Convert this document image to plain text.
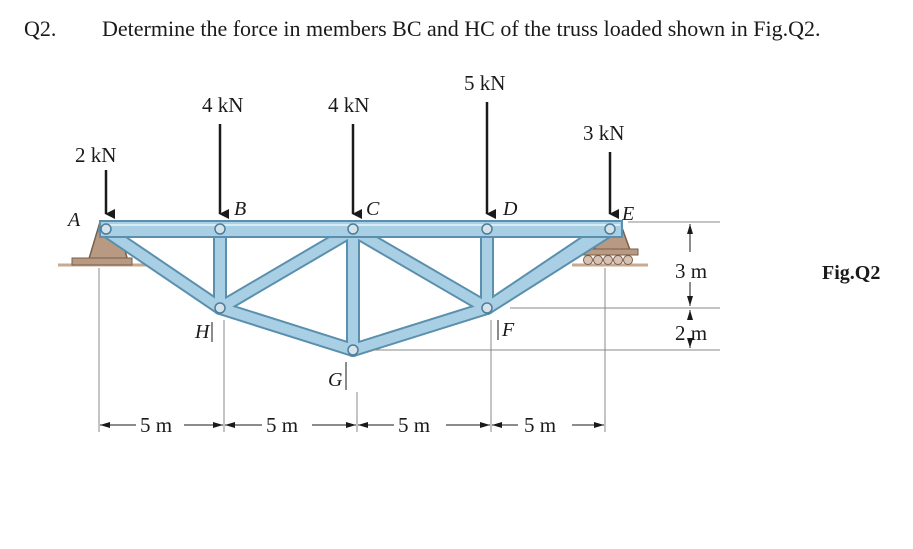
Q2. Determine the force in members BC and HC of the truss loaded shown in Fig.Q2.
2 kN
4 kN	4 kN
5 kN
3 kN
A	B	C	D	E
H
G
F
5 m	5 m	5 m	5 m
3 m
2 m
Fig.Q2
